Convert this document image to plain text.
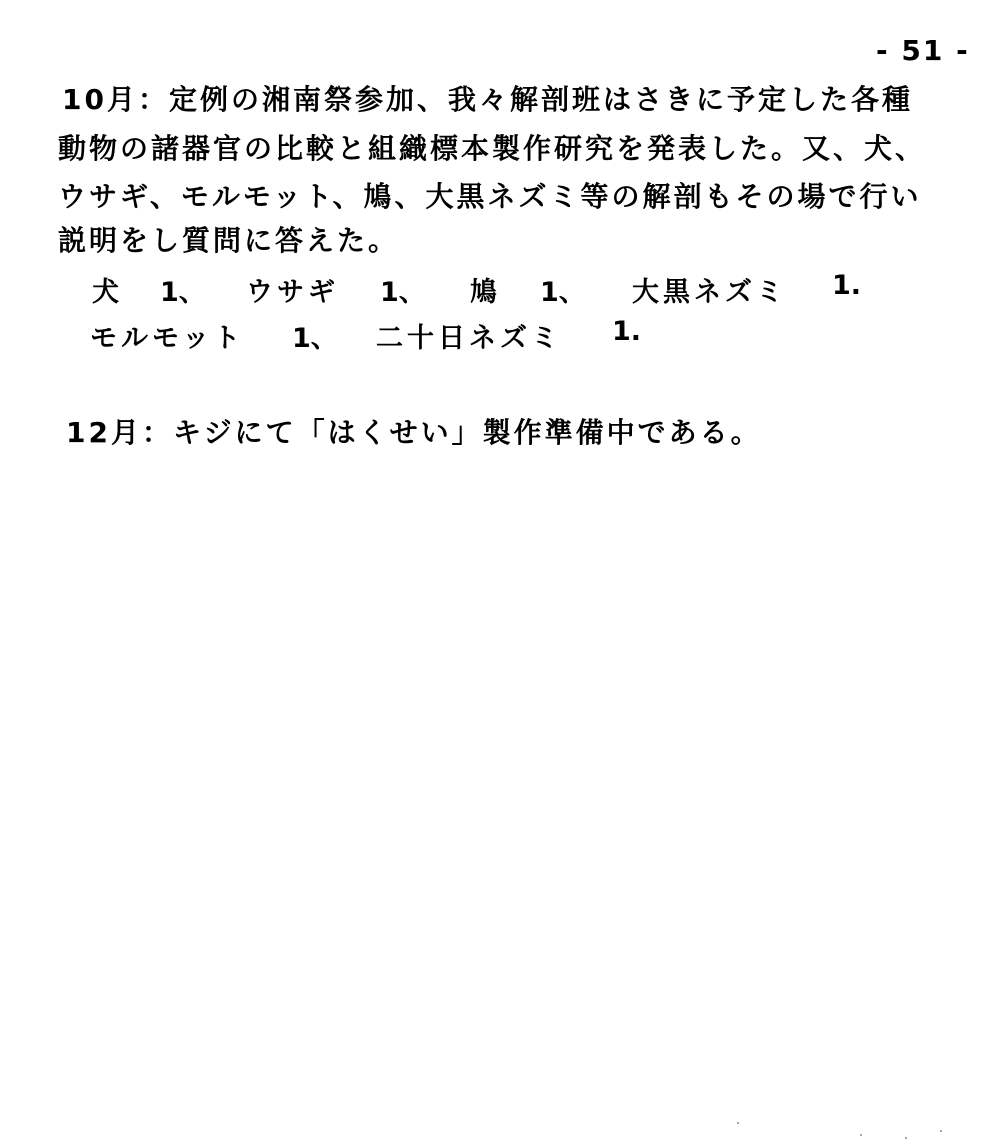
- 51 -
10月：定例の湘南祭参加、我々解剖班はさきに予定した各種
動物の諸器官の比較と組織標本製作研究を発表した。又、犬、
ウサギ、モルモット、鳩、大黒ネズミ等の解剖もその場で行い
説明をし質問に答えた。
犬 1、 ウサギ 1、 鳩 1、 大黒ネズミ 1.
モルモット 1、 二十日ネズミ 1.
12月：キジにて「はくせい」製作準備中である。
